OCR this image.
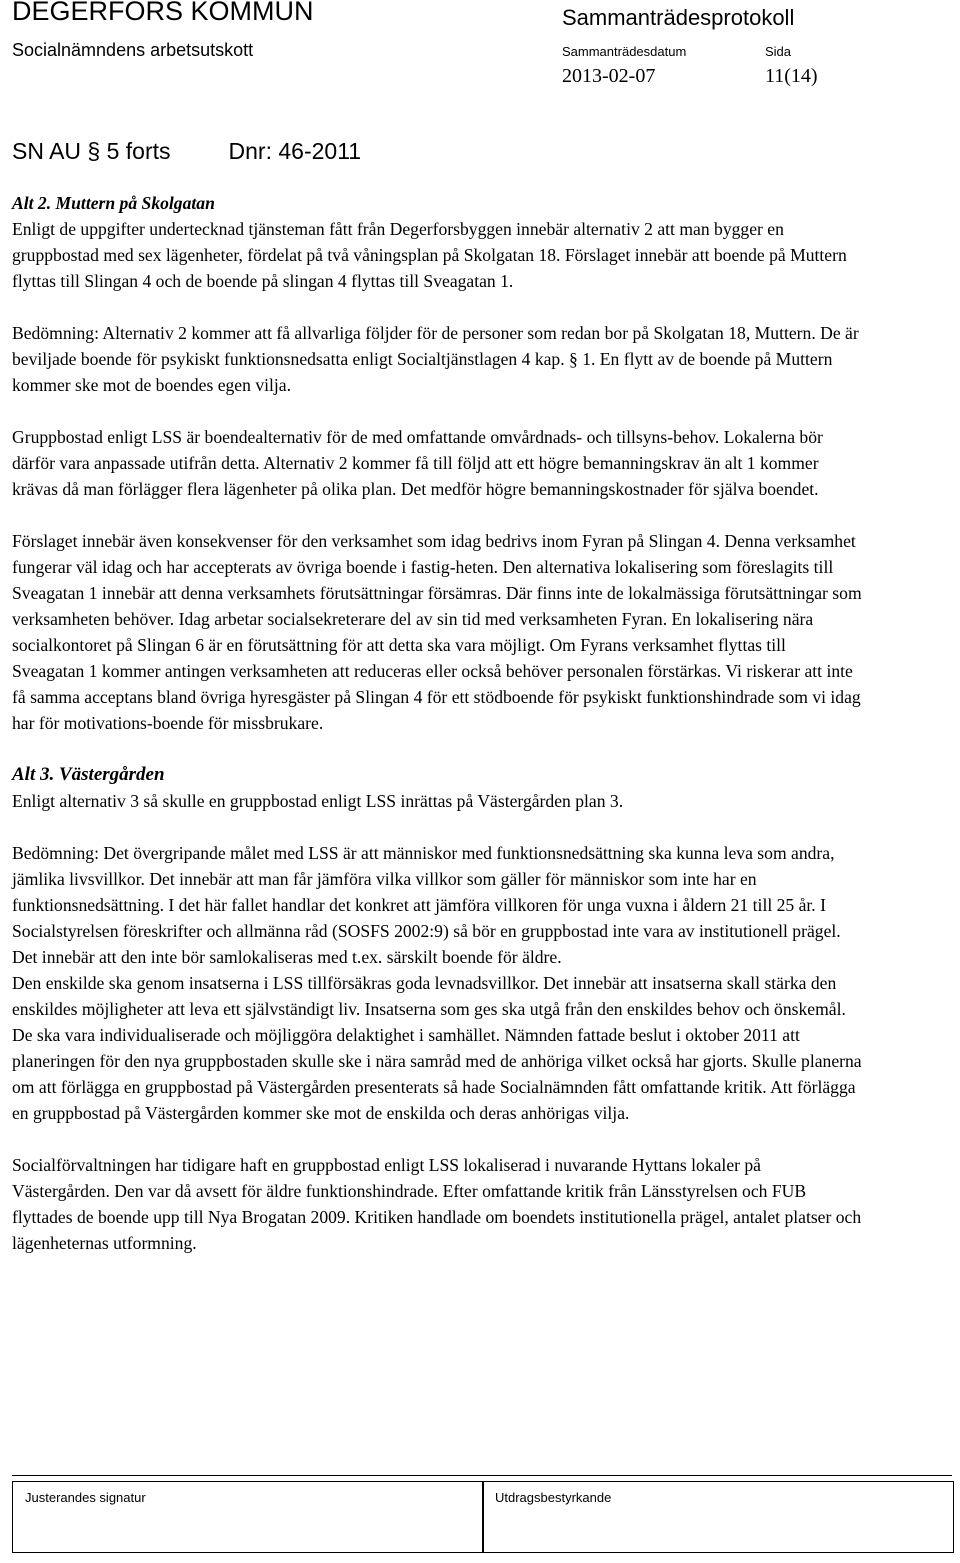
DEGERFORS KOMMUN
Socialnämndens arbetsutskott
Sammanträdesprotokoll
Sammanträdesdatum	Sida
2013-02-07	11(14)
SN AU § 5 forts	Dnr: 46-2011

Alt 2. Muttern på Skolgatan

Enligt de uppgifter undertecknad tjänsteman fått från Degerforsbyggen innebär alternativ 2 att man bygger en gruppbostad med sex lägenheter, fördelat på två våningsplan på Skolgatan 18. Förslaget innebär att boende på Muttern flyttas till Slingan 4 och de boende på slingan 4 flyttas till Sveagatan 1.

Bedömning: Alternativ 2 kommer att få allvarliga följder för de personer som redan bor på Skolgatan 18, Muttern. De är beviljade boende för psykiskt funktionsnedsatta enligt Socialtjänstlagen 4 kap. § 1. En flytt av de boende på Muttern kommer ske mot de boendes egen vilja.

Gruppbostad enligt LSS är boendealternativ för de med omfattande omvårdnads- och tillsyns-behov. Lokalerna bör därför vara anpassade utifrån detta. Alternativ 2 kommer få till följd att ett högre bemanningskrav än alt 1 kommer krävas då man förlägger flera lägenheter på olika plan. Det medför högre bemanningskostnader för själva boendet.

Förslaget innebär även konsekvenser för den verksamhet som idag bedrivs inom Fyran på Slingan 4. Denna verksamhet fungerar väl idag och har accepterats av övriga boende i fastig-heten. Den alternativa lokalisering som föreslagits till Sveagatan 1 innebär att denna verksamhets förutsättningar försämras. Där finns inte de lokalmässiga förutsättningar som verksamheten behöver. Idag arbetar socialsekreterare del av sin tid med verksamheten Fyran. En lokalisering nära socialkontoret på Slingan 6 är en förutsättning för att detta ska vara möjligt. Om Fyrans verksamhet flyttas till Sveagatan 1 kommer antingen verksamheten att reduceras eller också behöver personalen förstärkas. Vi riskerar att inte få samma acceptans bland övriga hyresgäster på Slingan 4 för ett stödboende för psykiskt funktionshindrade som vi idag har för motivations-boende för missbrukare.

Alt 3. Västergården

Enligt alternativ 3 så skulle en gruppbostad enligt LSS inrättas på Västergården plan 3.

Bedömning: Det övergripande målet med LSS är att människor med funktionsnedsättning ska kunna leva som andra, jämlika livsvillkor. Det innebär att man får jämföra vilka villkor som gäller för människor som inte har en funktionsnedsättning. I det här fallet handlar det konkret att jämföra villkoren för unga vuxna i åldern 21 till 25 år. I Socialstyrelsen föreskrifter och allmänna råd (SOSFS 2002:9) så bör en gruppbostad inte vara av institutionell prägel. Det innebär att den inte bör samlokaliseras med t.ex. särskilt boende för äldre.

Den enskilde ska genom insatserna i LSS tillförsäkras goda levnadsvillkor. Det innebär att insatserna skall stärka den enskildes möjligheter att leva ett självständigt liv. Insatserna som ges ska utgå från den enskildes behov och önskemål. De ska vara individualiserade och möjliggöra delaktighet i samhället. Nämnden fattade beslut i oktober 2011 att planeringen för den nya gruppbostaden skulle ske i nära samråd med de anhöriga vilket också har gjorts. Skulle planerna om att förlägga en gruppbostad på Västergården presenterats så hade Socialnämnden fått omfattande kritik. Att förlägga en gruppbostad på Västergården kommer ske mot de enskilda och deras anhörigas vilja.

Socialförvaltningen har tidigare haft en gruppbostad enligt LSS lokaliserad i nuvarande Hyttans lokaler på Västergården. Den var då avsett för äldre funktionshindrade. Efter omfattande kritik från Länsstyrelsen och FUB flyttades de boende upp till Nya Brogatan 2009. Kritiken handlade om boendets institutionella prägel, antalet platser och lägenheternas utformning.

Justerandes signatur	Utdragsbestyrkande
